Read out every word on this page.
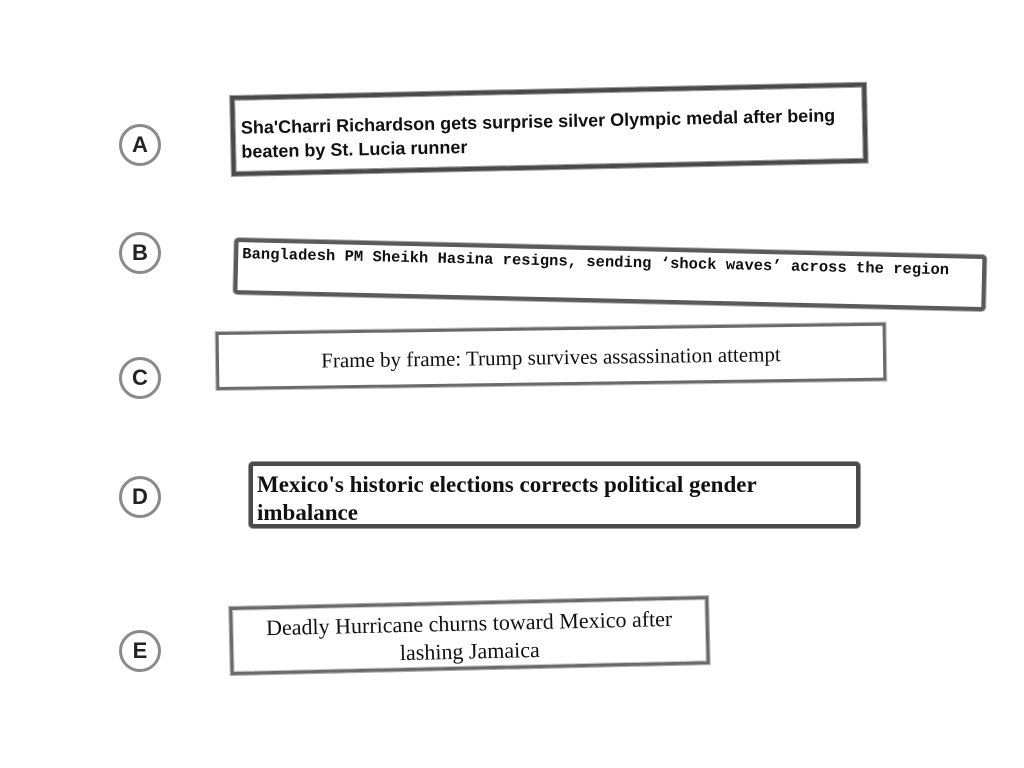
A
Sha'Charri Richardson gets surprise silver Olympic medal after being beaten by St. Lucia runner
B	Bangladesh PM Sheikh Hasina resigns, sending ‘shock waves’ across the region
C
Frame by frame: Trump survives assassination attempt
D	Mexico's historic elections corrects political gender imbalance
E
Deadly Hurricane churns toward Mexico after lashing Jamaica
